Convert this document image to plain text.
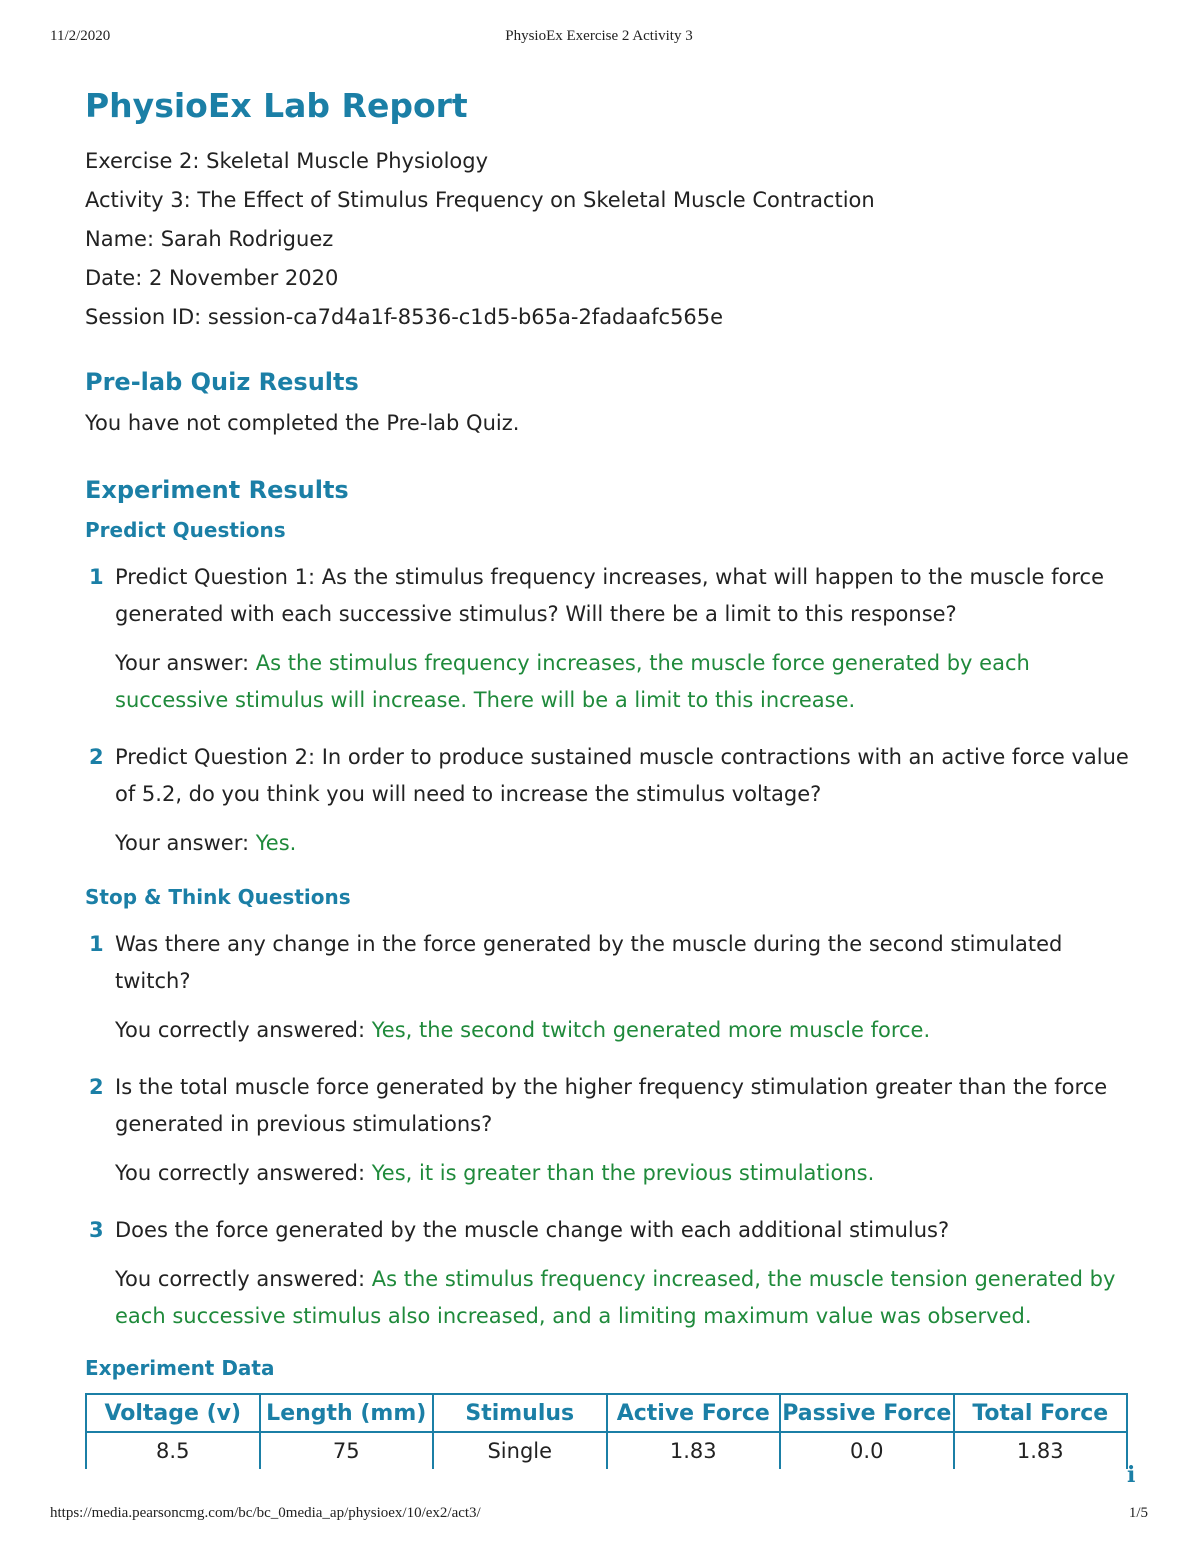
11/2/2020	PhysioEx Exercise 2 Activity 3
PhysioEx Lab Report
Exercise 2: Skeletal Muscle Physiology
Activity 3: The Effect of Stimulus Frequency on Skeletal Muscle Contraction
Name: Sarah Rodriguez
Date: 2 November 2020
Session ID: session-ca7d4a1f-8536-c1d5-b65a-2fadaafc565e
Pre-lab Quiz Results
You have not completed the Pre-lab Quiz.
Experiment Results
Predict Questions
1 Predict Question 1: As the stimulus frequency increases, what will happen to the muscle force generated with each successive stimulus? Will there be a limit to this response?
Your answer: As the stimulus frequency increases, the muscle force generated by each successive stimulus will increase. There will be a limit to this increase.
2 Predict Question 2: In order to produce sustained muscle contractions with an active force value of 5.2, do you think you will need to increase the stimulus voltage?
Your answer: Yes.
Stop & Think Questions
1 Was there any change in the force generated by the muscle during the second stimulated twitch?
You correctly answered: Yes, the second twitch generated more muscle force.
2 Is the total muscle force generated by the higher frequency stimulation greater than the force generated in previous stimulations?
You correctly answered: Yes, it is greater than the previous stimulations.
3 Does the force generated by the muscle change with each additional stimulus?
You correctly answered: As the stimulus frequency increased, the muscle tension generated by each successive stimulus also increased, and a limiting maximum value was observed.
Experiment Data
Voltage (v)	Length (mm)	Stimulus	Active Force	Passive Force	Total Force
8.5	75	Single	1.83	0.0	1.83
i
https://media.pearsoncmg.com/bc/bc_0media_ap/physioex/10/ex2/act3/	1/5
